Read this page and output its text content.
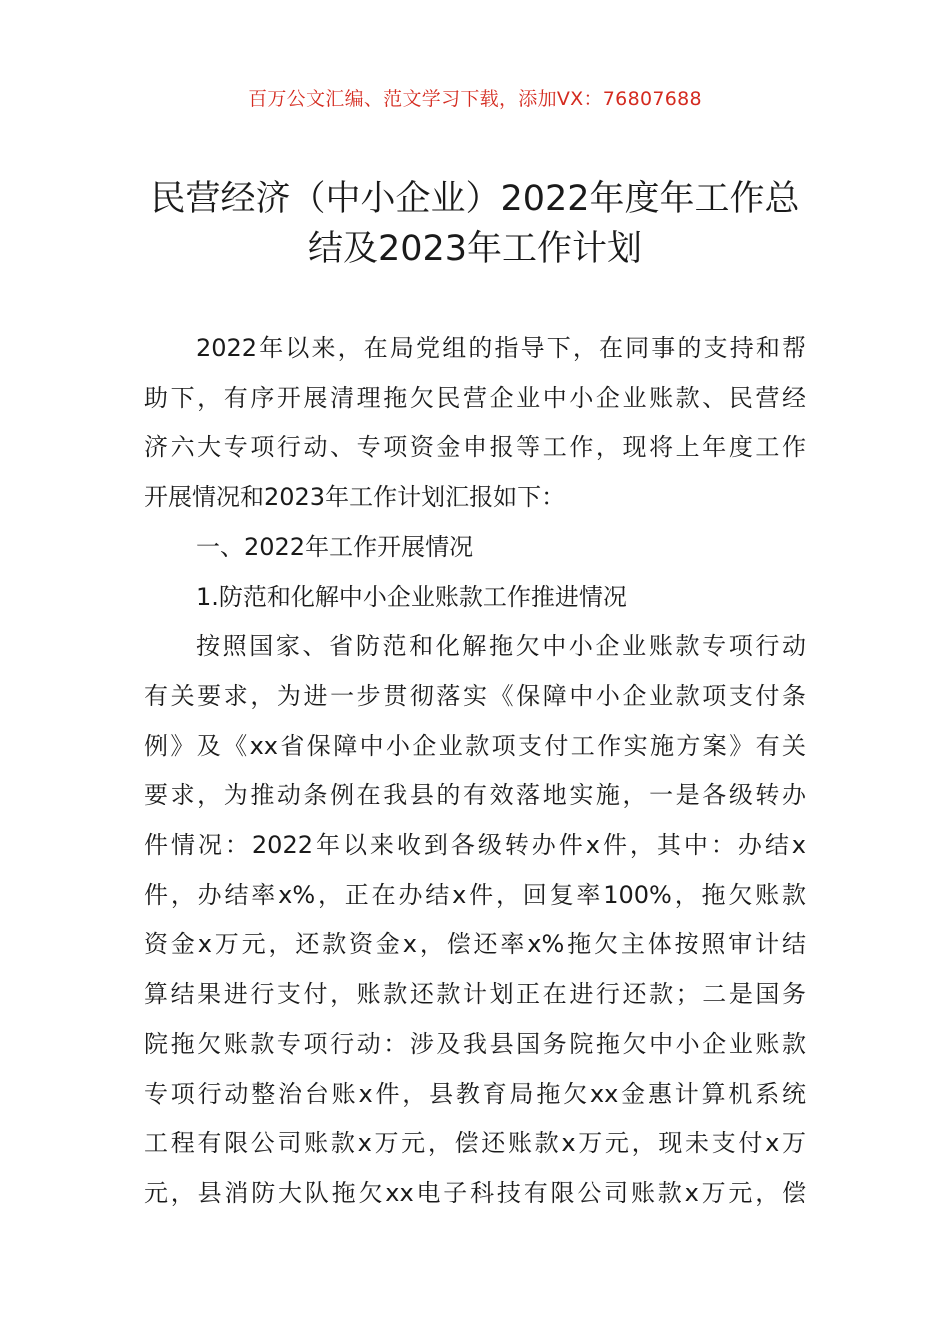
百万公文汇编、范文学习下载，添加VX：76807688
民营经济（中小企业）2022年度年工作总
结及2023年工作计划
2022年以来，在局党组的指导下，在同事的支持和帮
助下，有序开展清理拖欠民营企业中小企业账款、民营经
济六大专项行动、专项资金申报等工作，现将上年度工作
开展情况和2023年工作计划汇报如下：
一、2022年工作开展情况
1.防范和化解中小企业账款工作推进情况
按照国家、省防范和化解拖欠中小企业账款专项行动
有关要求，为进一步贯彻落实《保障中小企业款项支付条
例》及《xx省保障中小企业款项支付工作实施方案》有关
要求，为推动条例在我县的有效落地实施，一是各级转办
件情况：2022年以来收到各级转办件x件，其中：办结x
件，办结率x%，正在办结x件，回复率100%，拖欠账款
资金x万元，还款资金x，偿还率x%拖欠主体按照审计结
算结果进行支付，账款还款计划正在进行还款；二是国务
院拖欠账款专项行动：涉及我县国务院拖欠中小企业账款
专项行动整治台账x件，县教育局拖欠xx金惠计算机系统
工程有限公司账款x万元，偿还账款x万元，现未支付x万
元，县消防大队拖欠xx电子科技有限公司账款x万元，偿
